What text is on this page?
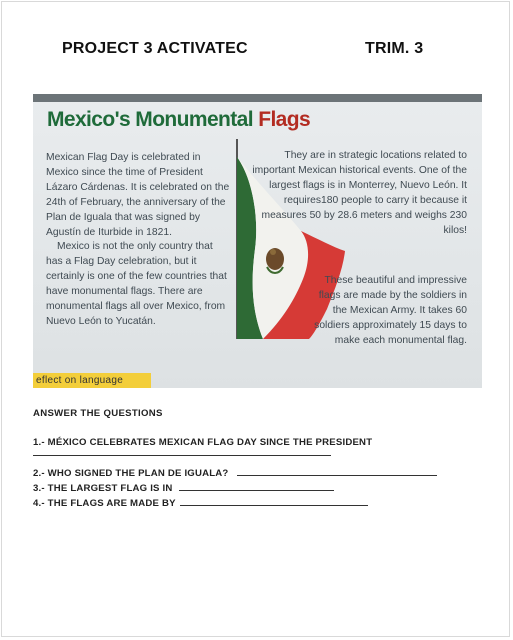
PROJECT 3 ACTIVATEC	TRIM. 3
Mexico's Monumental Flags

Mexican Flag Day is celebrated in Mexico since the time of President Lázaro Cárdenas. It is celebrated on the 24th of February, the anniversary of the Plan de Iguala that was signed by Agustín de Iturbide in 1821.

Mexico is not the only country that has a Flag Day celebration, but it certainly is one of the few countries that have monumental flags. There are monumental flags all over Mexico, from Nuevo León to Yucatán.

They are in strategic locations related to important Mexican historical events. One of the largest flags is in Monterrey, Nuevo León. It requires180 people to carry it because it measures 50 by 28.6 meters and weighs 230 kilos!

These beautiful and impressive flags are made by the soldiers in the Mexican Army. It takes 60 soldiers approximately 15 days to make each monumental flag.

eflect on language
ANSWER THE QUESTIONS
1.- MÉXICO CELEBRATES MEXICAN FLAG DAY SINCE THE PRESIDENT
2.- WHO SIGNED THE PLAN DE IGUALA?
3.- THE LARGEST FLAG IS IN
4.- THE FLAGS ARE MADE BY
